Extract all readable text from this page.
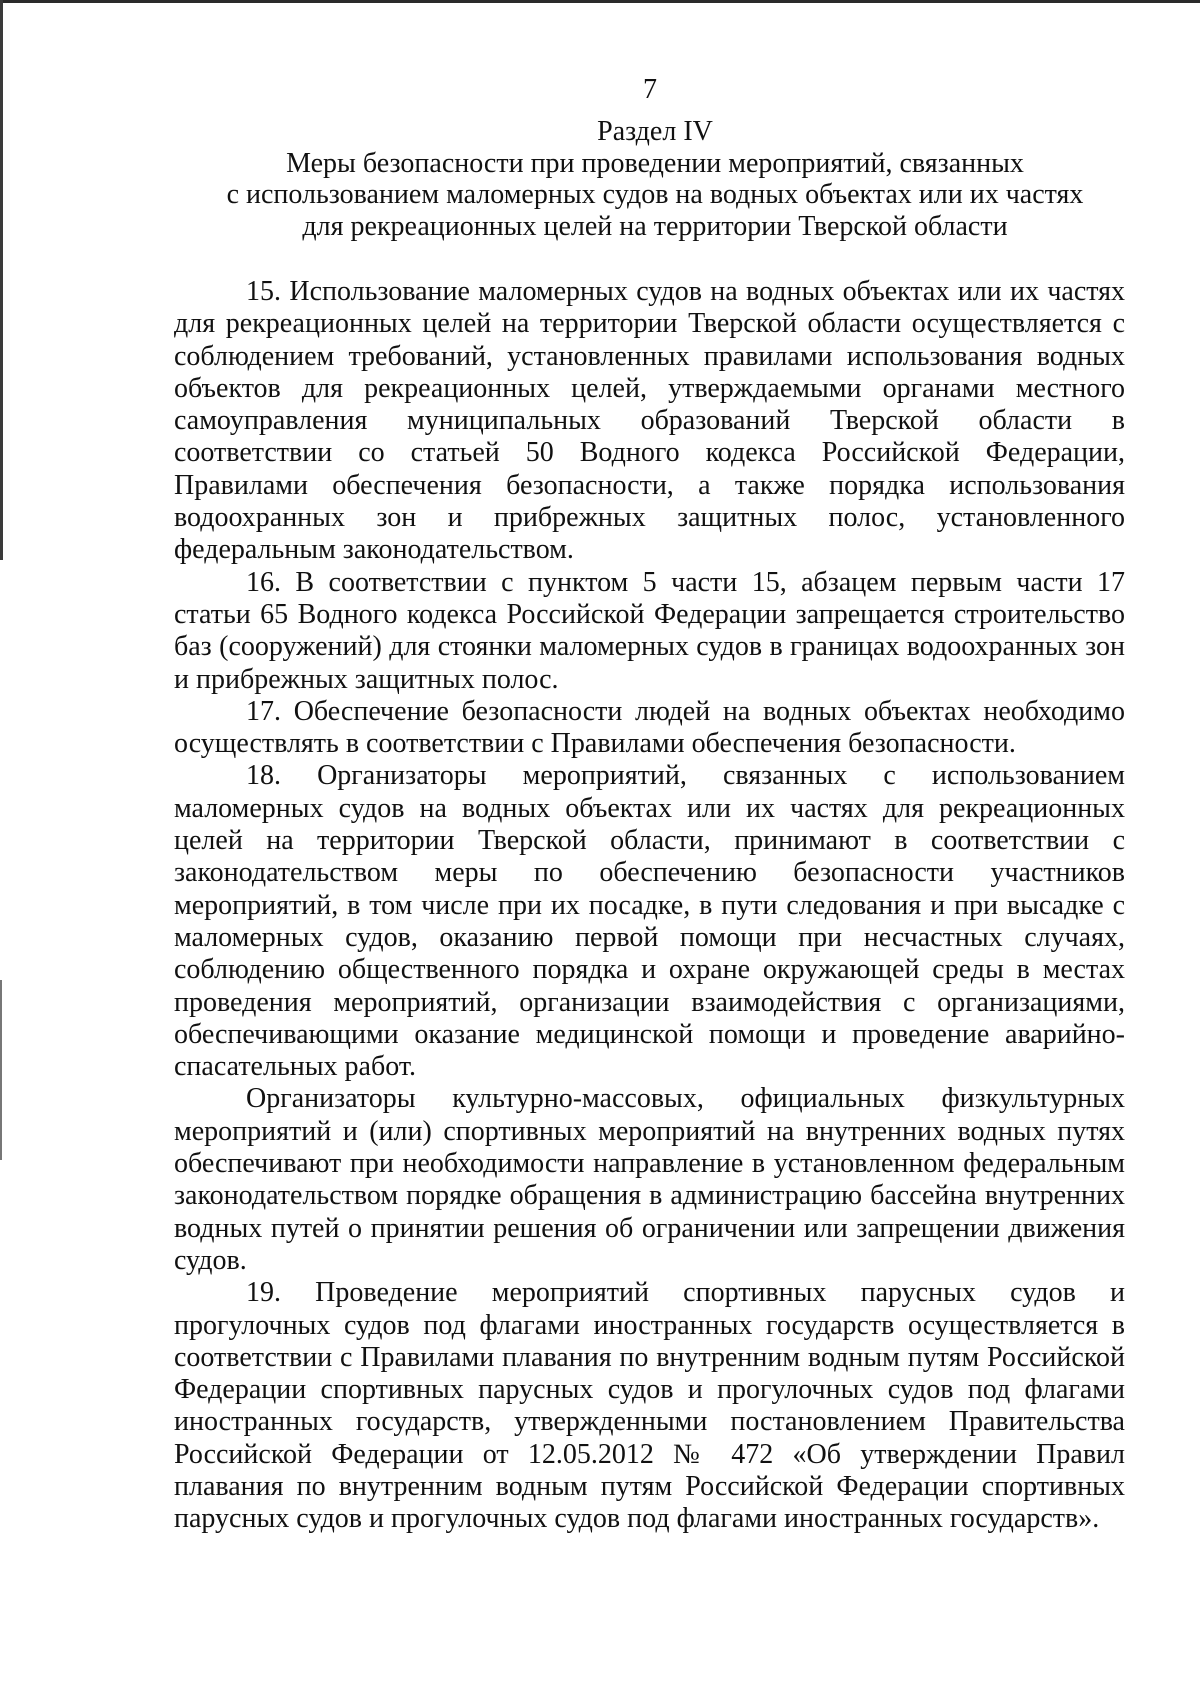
7
Раздел IV
Меры безопасности при проведении мероприятий, связанных
с использованием маломерных судов на водных объектах или их частях
для рекреационных целей на территории Тверской области

15. Использование маломерных судов на водных объектах или их частях для рекреационных целей на территории Тверской области осуществляется с соблюдением требований, установленных правилами использования водных объектов для рекреационных целей, утверждаемыми органами местного самоуправления муниципальных образований Тверской области в соответствии со статьей 50 Водного кодекса Российской Федерации, Правилами обеспечения безопасности, а также порядка использования водоохранных зон и прибрежных защитных полос, установленного федеральным законодательством.

16. В соответствии с пунктом 5 части 15, абзацем первым части 17 статьи 65 Водного кодекса Российской Федерации запрещается строительство баз (сооружений) для стоянки маломерных судов в границах водоохранных зон и прибрежных защитных полос.

17. Обеспечение безопасности людей на водных объектах необходимо осуществлять в соответствии с Правилами обеспечения безопасности.

18. Организаторы мероприятий, связанных с использованием маломерных судов на водных объектах или их частях для рекреационных целей на территории Тверской области, принимают в соответствии с законодательством меры по обеспечению безопасности участников мероприятий, в том числе при их посадке, в пути следования и при высадке с маломерных судов, оказанию первой помощи при несчастных случаях, соблюдению общественного порядка и охране окружающей среды в местах проведения мероприятий, организации взаимодействия с организациями, обеспечивающими оказание медицинской помощи и проведение аварийно-спасательных работ.

Организаторы культурно-массовых, официальных физкультурных мероприятий и (или) спортивных мероприятий на внутренних водных путях обеспечивают при необходимости направление в установленном федеральным законодательством порядке обращения в администрацию бассейна внутренних водных путей о принятии решения об ограничении или запрещении движения судов.

19. Проведение мероприятий спортивных парусных судов и прогулочных судов под флагами иностранных государств осуществляется в соответствии с Правилами плавания по внутренним водным путям Российской Федерации спортивных парусных судов и прогулочных судов под флагами иностранных государств, утвержденными постановлением Правительства Российской Федерации от 12.05.2012 № 472 «Об утверждении Правил плавания по внутренним водным путям Российской Федерации спортивных парусных судов и прогулочных судов под флагами иностранных государств».
